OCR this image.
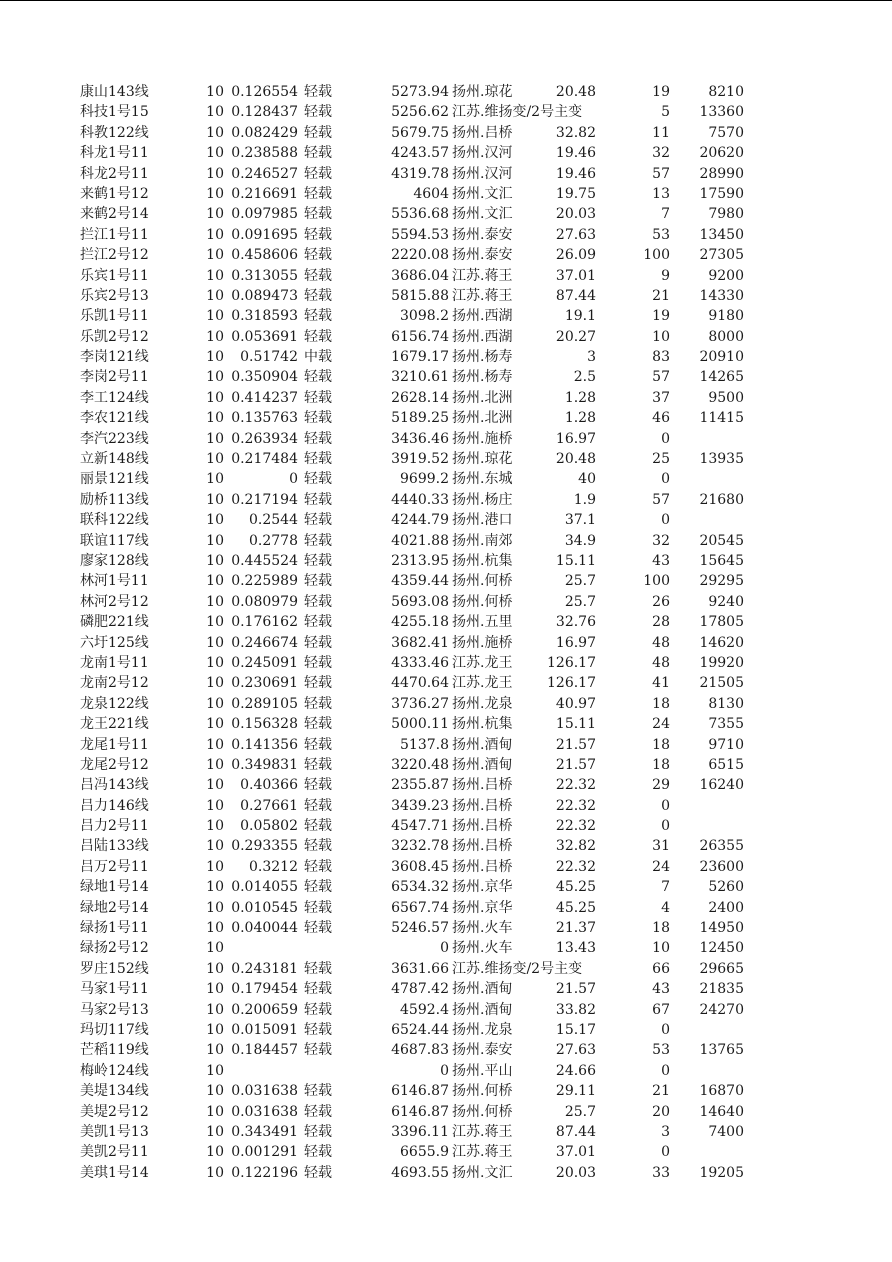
康山143线	10 0.126554 轻载	5273.94 扬州.琼花	20.48	19	8210
科技1号15	10 0.128437 轻载	5256.62 江苏.维扬变/2号主变	5	13360
科教122线	10 0.082429 轻载	5679.75 扬州.吕桥	32.82	11	7570
科龙1号11	10 0.238588 轻载	4243.57 扬州.汉河	19.46	32	20620
科龙2号11	10 0.246527 轻载	4319.78 扬州.汉河	19.46	57	28990
来鹤1号12	10 0.216691 轻载	4604 扬州.文汇	19.75	13	17590
来鹤2号14	10 0.097985 轻载	5536.68 扬州.文汇	20.03	7	7980
拦江1号11	10 0.091695 轻载	5594.53 扬州.泰安	27.63	53	13450
拦江2号12	10 0.458606 轻载	2220.08 扬州.泰安	26.09	100	27305
乐宾1号11	10 0.313055 轻载	3686.04 江苏.蒋王	37.01	9	9200
乐宾2号13	10 0.089473 轻载	5815.88 江苏.蒋王	87.44	21	14330
乐凯1号11	10 0.318593 轻载	3098.2 扬州.西湖	19.1	19	9180
乐凯2号12	10 0.053691 轻载	6156.74 扬州.西湖	20.27	10	8000
李岗121线	10	0.51742 中载	1679.17 扬州.杨寿	3	83	20910
李岗2号11	10 0.350904 轻载	3210.61 扬州.杨寿	2.5	57	14265
李工124线	10 0.414237 轻载	2628.14 扬州.北洲	1.28	37	9500
李农121线	10 0.135763 轻载	5189.25 扬州.北洲	1.28	46	11415
李汽223线	10 0.263934 轻载	3436.46 扬州.施桥	16.97	0
立新148线	10 0.217484 轻载	3919.52 扬州.琼花	20.48	25	13935
丽景121线	10	0 轻载	9699.2 扬州.东城	40	0
励桥113线	10 0.217194 轻载	4440.33 扬州.杨庄	1.9	57	21680
联科122线	10	0.2544 轻载	4244.79 扬州.港口	37.1	0
联谊117线	10	0.2778 轻载	4021.88 扬州.南郊	34.9	32	20545
廖家128线	10 0.445524 轻载	2313.95 扬州.杭集	15.11	43	15645
林河1号11	10 0.225989 轻载	4359.44 扬州.何桥	25.7	100	29295
林河2号12	10 0.080979 轻载	5693.08 扬州.何桥	25.7	26	9240
磷肥221线	10 0.176162 轻载	4255.18 扬州.五里	32.76	28	17805
六圩125线	10 0.246674 轻载	3682.41 扬州.施桥	16.97	48	14620
龙南1号11	10 0.245091 轻载	4333.46 江苏.龙王	126.17	48	19920
龙南2号12	10 0.230691 轻载	4470.64 江苏.龙王	126.17	41	21505
龙泉122线	10 0.289105 轻载	3736.27 扬州.龙泉	40.97	18	8130
龙王221线	10 0.156328 轻载	5000.11 扬州.杭集	15.11	24	7355
龙尾1号11	10 0.141356 轻载	5137.8 扬州.酒甸	21.57	18	9710
龙尾2号12	10 0.349831 轻载	3220.48 扬州.酒甸	21.57	18	6515
吕冯143线	10	0.40366 轻载	2355.87 扬州.吕桥	22.32	29	16240
吕力146线	10	0.27661 轻载	3439.23 扬州.吕桥	22.32	0
吕力2号11	10	0.05802 轻载	4547.71 扬州.吕桥	22.32	0
吕陆133线	10 0.293355 轻载	3232.78 扬州.吕桥	32.82	31	26355
吕万2号11	10	0.3212 轻载	3608.45 扬州.吕桥	22.32	24	23600
绿地1号14	10 0.014055 轻载	6534.32 扬州.京华	45.25	7	5260
绿地2号14	10 0.010545 轻载	6567.74 扬州.京华	45.25	4	2400
绿扬1号11	10 0.040044 轻载	5246.57 扬州.火车	21.37	18	14950
绿扬2号12	10	0 扬州.火车	13.43	10	12450
罗庄152线	10 0.243181 轻载	3631.66 江苏.维扬变/2号主变	66	29665
马家1号11	10 0.179454 轻载	4787.42 扬州.酒甸	21.57	43	21835
马家2号13	10 0.200659 轻载	4592.4 扬州.酒甸	33.82	67	24270
玛切117线	10 0.015091 轻载	6524.44 扬州.龙泉	15.17	0
芒稻119线	10 0.184457 轻载	4687.83 扬州.泰安	27.63	53	13765
梅岭124线	10	0 扬州.平山	24.66	0
美堤134线	10 0.031638 轻载	6146.87 扬州.何桥	29.11	21	16870
美堤2号12	10 0.031638 轻载	6146.87 扬州.何桥	25.7	20	14640
美凯1号13	10 0.343491 轻载	3396.11 江苏.蒋王	87.44	3	7400
美凯2号11	10 0.001291 轻载	6655.9 江苏.蒋王	37.01	0
美琪1号14	10 0.122196 轻载	4693.55 扬州.文汇	20.03	33	19205
